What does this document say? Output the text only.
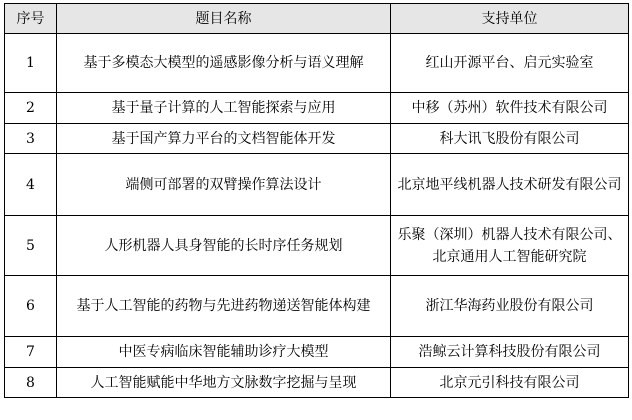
序号	题目名称	支持单位
1	基于多模态大模型的遥感影像分析与语义理解	红山开源平台、启元实验室
2	基于量子计算的人工智能探索与应用	中移（苏州）软件技术有限公司
3	基于国产算力平台的文档智能体开发	科大讯飞股份有限公司
4	端侧可部署的双臂操作算法设计	北京地平线机器人技术研发有限公司
5	人形机器人具身智能的长时序任务规划	乐聚（深圳）机器人技术有限公司、北京通用人工智能研究院
6	基于人工智能的药物与先进药物递送智能体构建	浙江华海药业股份有限公司
7	中医专病临床智能辅助诊疗大模型	浩鲸云计算科技股份有限公司
8	人工智能赋能中华地方文脉数字挖掘与呈现	北京元引科技有限公司
